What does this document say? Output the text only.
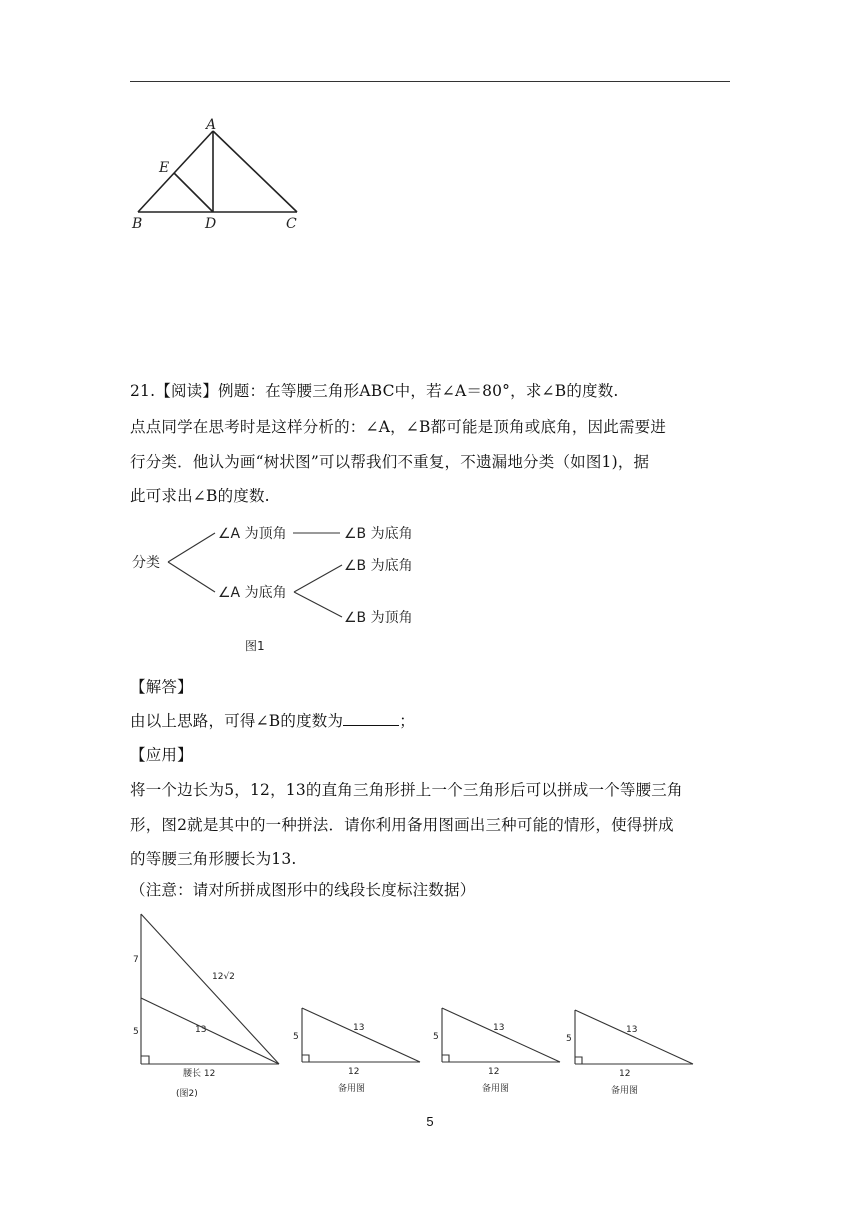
A
E
B	D	C
21.【阅读】例题：在等腰三角形ABC中，若∠A＝80°，求∠B的度数.
点点同学在思考时是这样分析的：∠A，∠B都可能是顶角或底角，因此需要进
行分类．他认为画“树状图”可以帮我们不重复，不遗漏地分类（如图1)，据
此可求出∠B的度数.
分类
∠A 为顶角
∠A 为底角
∠B 为底角
∠B 为底角
∠B 为顶角
图1
【解答】
由以上思路，可得∠B的度数为	；
【应用】
将一个边长为5，12，13的直角三角形拼上一个三角形后可以拼成一个等腰三角
形，图2就是其中的一种拼法．请你利用备用图画出三种可能的情形，使得拼成
的等腰三角形腰长为13.
（注意：请对所拼成图形中的线段长度标注数据）
7
5
12√2
13
腰长 12
(图2)
5
13
12
备用图
5
13
12
备用图
5
13
12
备用图
5
